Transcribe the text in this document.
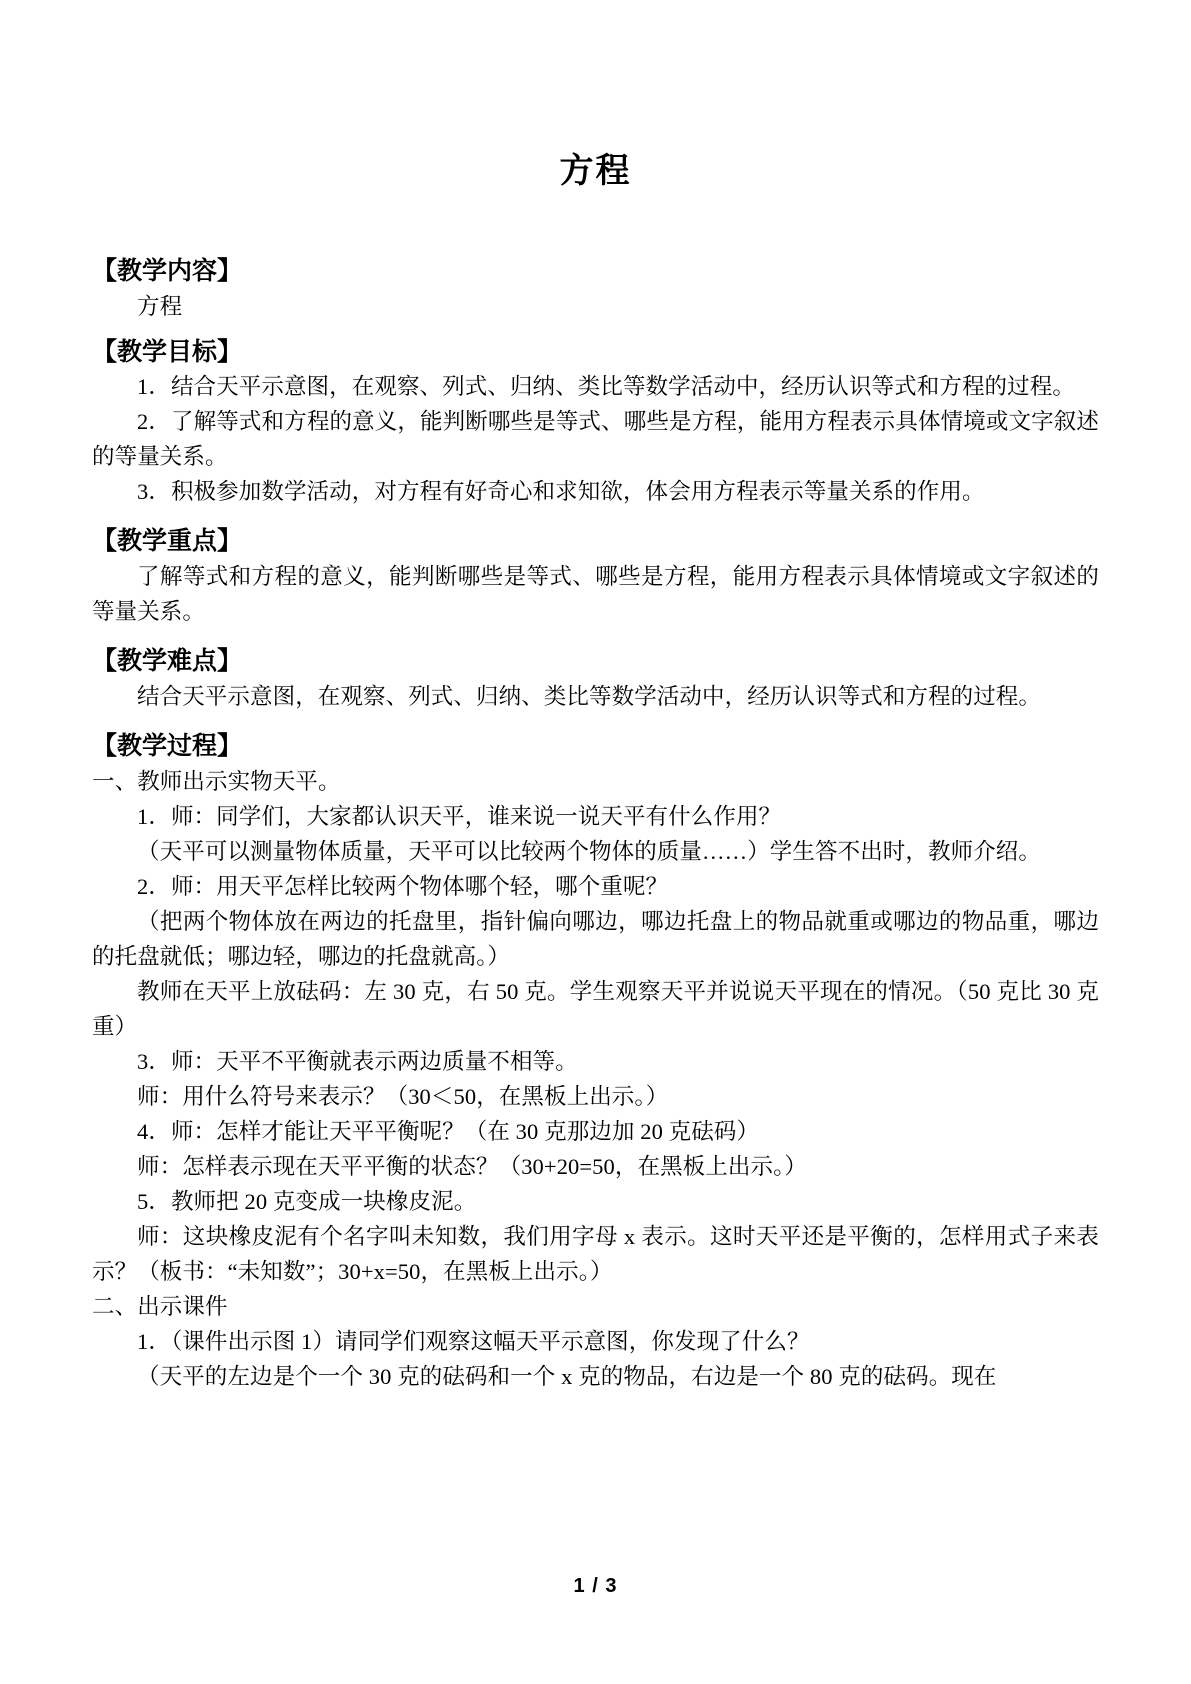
方程
【教学内容】
方程
【教学目标】
1．结合天平示意图，在观察、列式、归纳、类比等数学活动中，经历认识等式和方程的过程。
2．了解等式和方程的意义，能判断哪些是等式、哪些是方程，能用方程表示具体情境或文字叙述的等量关系。
3．积极参加数学活动，对方程有好奇心和求知欲，体会用方程表示等量关系的作用。
【教学重点】
了解等式和方程的意义，能判断哪些是等式、哪些是方程，能用方程表示具体情境或文字叙述的等量关系。
【教学难点】
结合天平示意图，在观察、列式、归纳、类比等数学活动中，经历认识等式和方程的过程。
【教学过程】
一、教师出示实物天平。
1．师：同学们，大家都认识天平，谁来说一说天平有什么作用？
（天平可以测量物体质量，天平可以比较两个物体的质量……）学生答不出时，教师介绍。
2．师：用天平怎样比较两个物体哪个轻，哪个重呢？
（把两个物体放在两边的托盘里，指针偏向哪边，哪边托盘上的物品就重或哪边的物品重，哪边的托盘就低；哪边轻，哪边的托盘就高。）
教师在天平上放砝码：左 30 克，右 50 克。学生观察天平并说说天平现在的情况。（50 克比 30 克重）
3．师：天平不平衡就表示两边质量不相等。
师：用什么符号来表示？（30＜50，在黑板上出示。）
4．师：怎样才能让天平平衡呢？（在 30 克那边加 20 克砝码）
师：怎样表示现在天平平衡的状态？（30+20=50，在黑板上出示。）
5．教师把 20 克变成一块橡皮泥。
师：这块橡皮泥有个名字叫未知数，我们用字母 x 表示。这时天平还是平衡的，怎样用式子来表示？（板书：“未知数”；30+x=50，在黑板上出示。）
二、出示课件
1．（课件出示图 1）请同学们观察这幅天平示意图，你发现了什么？
（天平的左边是个一个 30 克的砝码和一个 x 克的物品，右边是一个 80 克的砝码。现在
1 / 3
